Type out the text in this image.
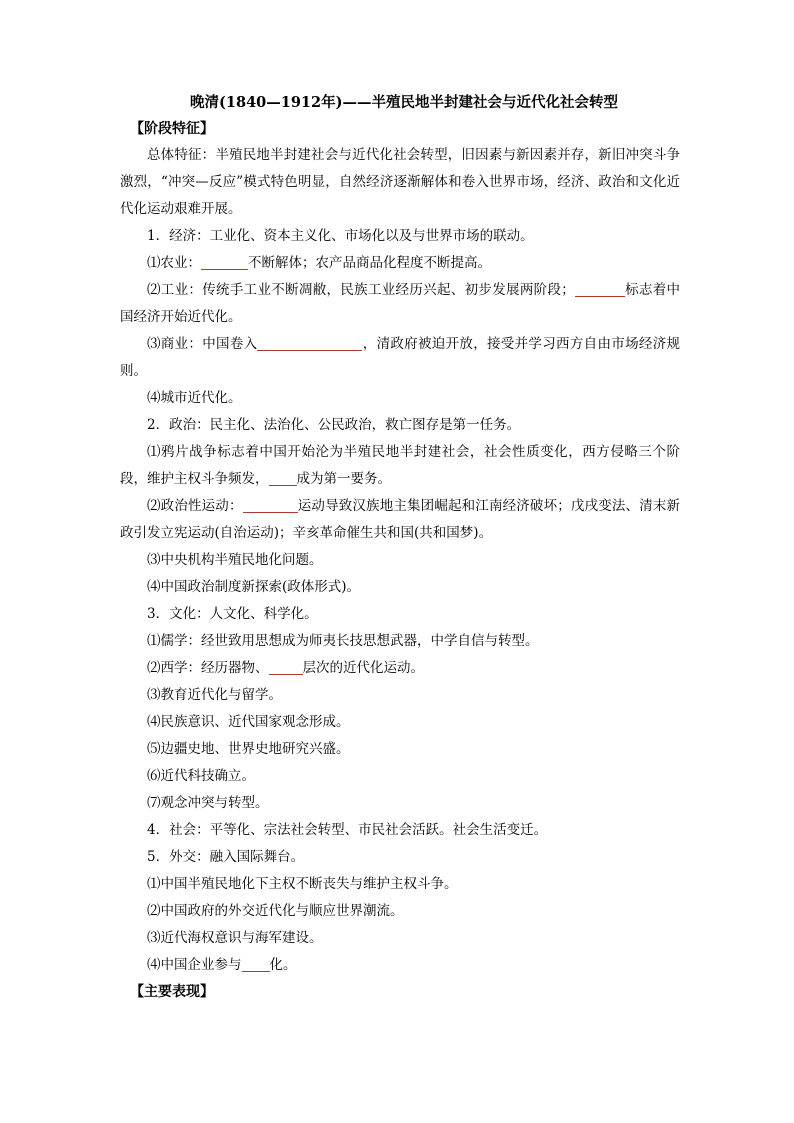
晚清(1840—1912年)——半殖民地半封建社会与近代化社会转型

【阶段特征】

总体特征：半殖民地半封建社会与近代化社会转型，旧因素与新因素并存，新旧冲突斗争激烈，“冲突—反应”模式特色明显，自然经济逐渐解体和卷入世界市场，经济、政治和文化近代化运动艰难开展。

1．经济：工业化、资本主义化、市场化以及与世界市场的联动。

⑴农业：	不断解体；农产品商品化程度不断提高。

⑵工业：传统手工业不断凋敝，民族工业经历兴起、初步发展两阶段；	标志着中国经济开始近代化。

⑶商业：中国卷入	，清政府被迫开放，接受并学习西方自由市场经济规则。

⑷城市近代化。

2．政治：民主化、法治化、公民政治，救亡图存是第一任务。

⑴鸦片战争标志着中国开始沦为半殖民地半封建社会，社会性质变化，西方侵略三个阶段，维护主权斗争频发， 成为第一要务。

⑵政治性运动：	运动导致汉族地主集团崛起和江南经济破坏；戊戌变法、清末新政引发立宪运动(自治运动)；辛亥革命催生共和国(共和国梦)。

⑶中央机构半殖民地化问题。

⑷中国政治制度新探索(政体形式)。

3．文化：人文化、科学化。

⑴儒学：经世致用思想成为师夷长技思想武器，中学自信与转型。

⑵西学：经历器物、	层次的近代化运动。

⑶教育近代化与留学。

⑷民族意识、近代国家观念形成。

⑸边疆史地、世界史地研究兴盛。

⑹近代科技确立。

⑺观念冲突与转型。

4．社会：平等化、宗法社会转型、市民社会活跃。社会生活变迁。

5．外交：融入国际舞台。

⑴中国半殖民地化下主权不断丧失与维护主权斗争。

⑵中国政府的外交近代化与顺应世界潮流。

⑶近代海权意识与海军建设。

⑷中国企业参与 化。

【主要表现】
